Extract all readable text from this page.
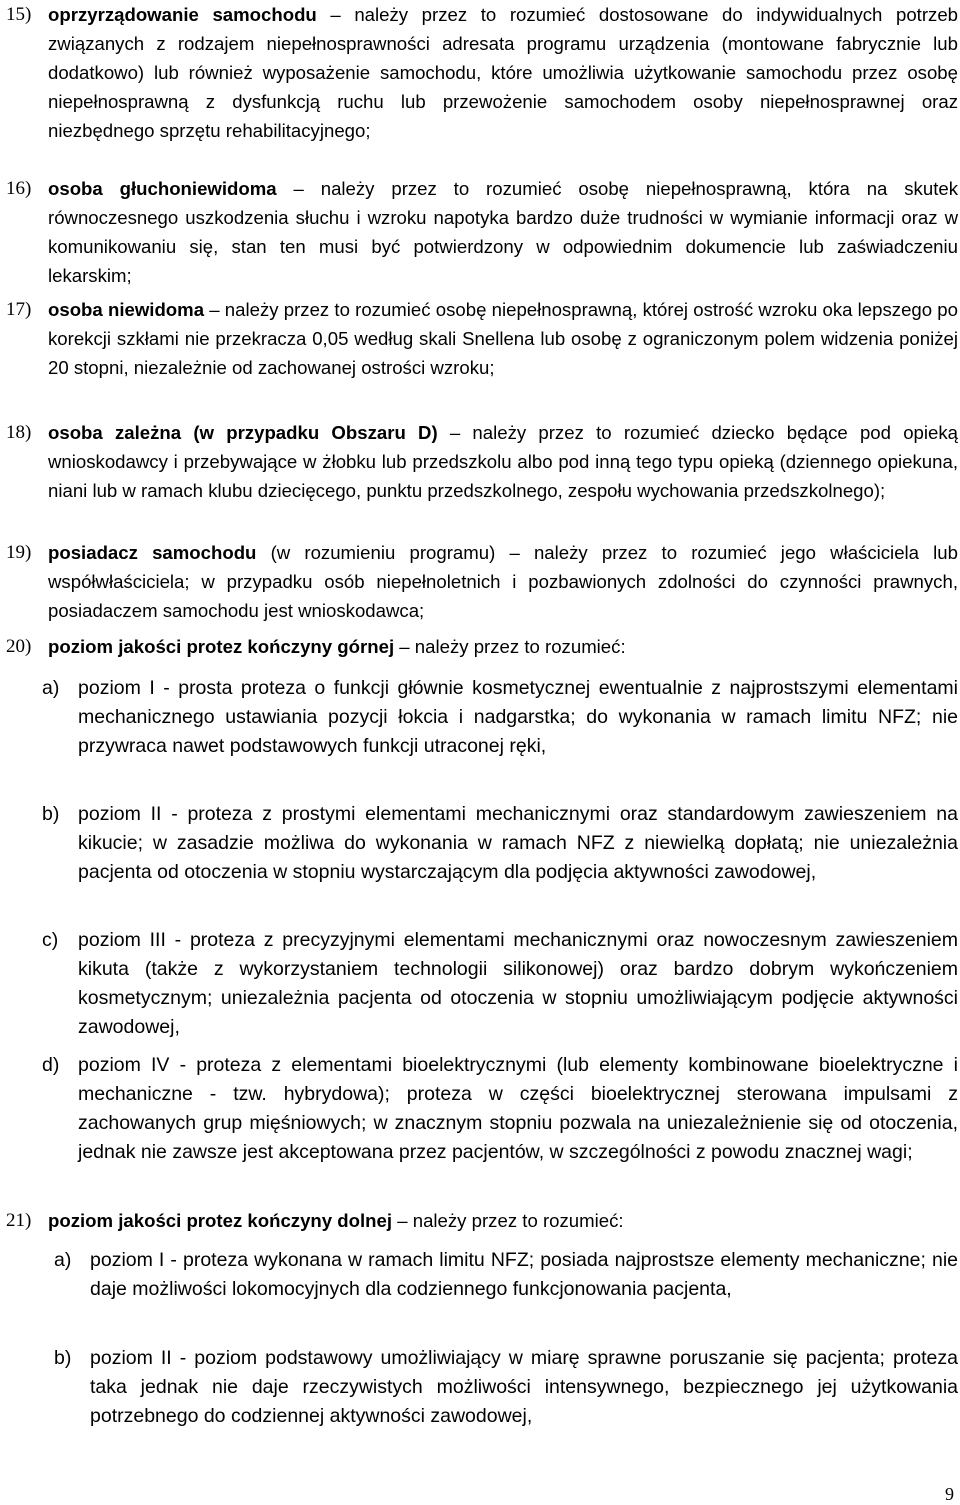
15) oprzyrządowanie samochodu – należy przez to rozumieć dostosowane do indywidualnych potrzeb związanych z rodzajem niepełnosprawności adresata programu urządzenia (montowane fabrycznie lub dodatkowo) lub również wyposażenie samochodu, które umożliwia użytkowanie samochodu przez osobę niepełnosprawną z dysfunkcją ruchu lub przewożenie samochodem osoby niepełnosprawnej oraz niezbędnego sprzętu rehabilitacyjnego;
16) osoba głuchoniewidoma – należy przez to rozumieć osobę niepełnosprawną, która na skutek równoczesnego uszkodzenia słuchu i wzroku napotyka bardzo duże trudności w wymianie informacji oraz w komunikowaniu się, stan ten musi być potwierdzony w odpowiednim dokumencie lub zaświadczeniu lekarskim;
17) osoba niewidoma – należy przez to rozumieć osobę niepełnosprawną, której ostrość wzroku oka lepszego po korekcji szkłami nie przekracza 0,05 według skali Snellena lub osobę z ograniczonym polem widzenia poniżej 20 stopni, niezależnie od zachowanej ostrości wzroku;
18) osoba zależna (w przypadku Obszaru D) – należy przez to rozumieć dziecko będące pod opieką wnioskodawcy i przebywające w żłobku lub przedszkolu albo pod inną tego typu opieką (dziennego opiekuna, niani lub w ramach klubu dziecięcego, punktu przedszkolnego, zespołu wychowania przedszkolnego);
19) posiadacz samochodu (w rozumieniu programu) – należy przez to rozumieć jego właściciela lub współwłaściciela; w przypadku osób niepełnoletnich i pozbawionych zdolności do czynności prawnych, posiadaczem samochodu jest wnioskodawca;
20) poziom jakości protez kończyny górnej – należy przez to rozumieć:
a) poziom I - prosta proteza o funkcji głównie kosmetycznej ewentualnie z najprostszymi elementami mechanicznego ustawiania pozycji łokcia i nadgarstka; do wykonania w ramach limitu NFZ; nie przywraca nawet podstawowych funkcji utraconej ręki,
b) poziom II - proteza z prostymi elementami mechanicznymi oraz standardowym zawieszeniem na kikucie; w zasadzie możliwa do wykonania w ramach NFZ z niewielką dopłatą; nie uniezależnia pacjenta od otoczenia w stopniu wystarczającym dla podjęcia aktywności zawodowej,
c)	poziom III - proteza z precyzyjnymi elementami mechanicznymi oraz nowoczesnym zawieszeniem kikuta (także z wykorzystaniem technologii silikonowej) oraz bardzo dobrym wykończeniem kosmetycznym; uniezależnia pacjenta od otoczenia w stopniu umożliwiającym podjęcie aktywności zawodowej,
d) poziom IV - proteza z elementami bioelektrycznymi (lub elementy kombinowane bioelektryczne i mechaniczne - tzw. hybrydowa); proteza w części bioelektrycznej sterowana impulsami z zachowanych grup mięśniowych; w znacznym stopniu pozwala na uniezależnienie się od otoczenia, jednak nie zawsze jest akceptowana przez pacjentów, w szczególności z powodu znacznej wagi;
21) poziom jakości protez kończyny dolnej – należy przez to rozumieć:
a) poziom I - proteza wykonana w ramach limitu NFZ; posiada najprostsze elementy mechaniczne; nie daje możliwości lokomocyjnych dla codziennego funkcjonowania pacjenta,
b) poziom II - poziom podstawowy umożliwiający w miarę sprawne poruszanie się pacjenta; proteza taka jednak nie daje rzeczywistych możliwości intensywnego, bezpiecznego jej użytkowania potrzebnego do codziennej aktywności zawodowej,
9
